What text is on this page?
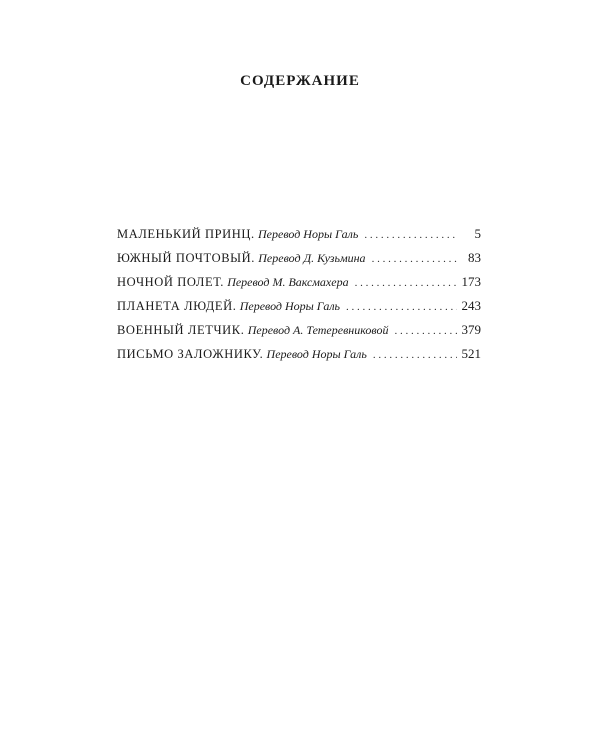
СОДЕРЖАНИЕ
МАЛЕНЬКИЙ ПРИНЦ. Перевод Норы Галь . . .	5
ЮЖНЫЙ ПОЧТОВЫЙ. Перевод Д. Кузьмина . . .	83
НОЧНОЙ ПОЛЕТ. Перевод М. Ваксмахера . . .	173
ПЛАНЕТА ЛЮДЕЙ. Перевод Норы Галь . . .	243
ВОЕННЫЙ ЛЕТЧИК. Перевод А. Тетеревниковой . . .	379
ПИСЬМО ЗАЛОЖНИКУ. Перевод Норы Галь . . .	521
